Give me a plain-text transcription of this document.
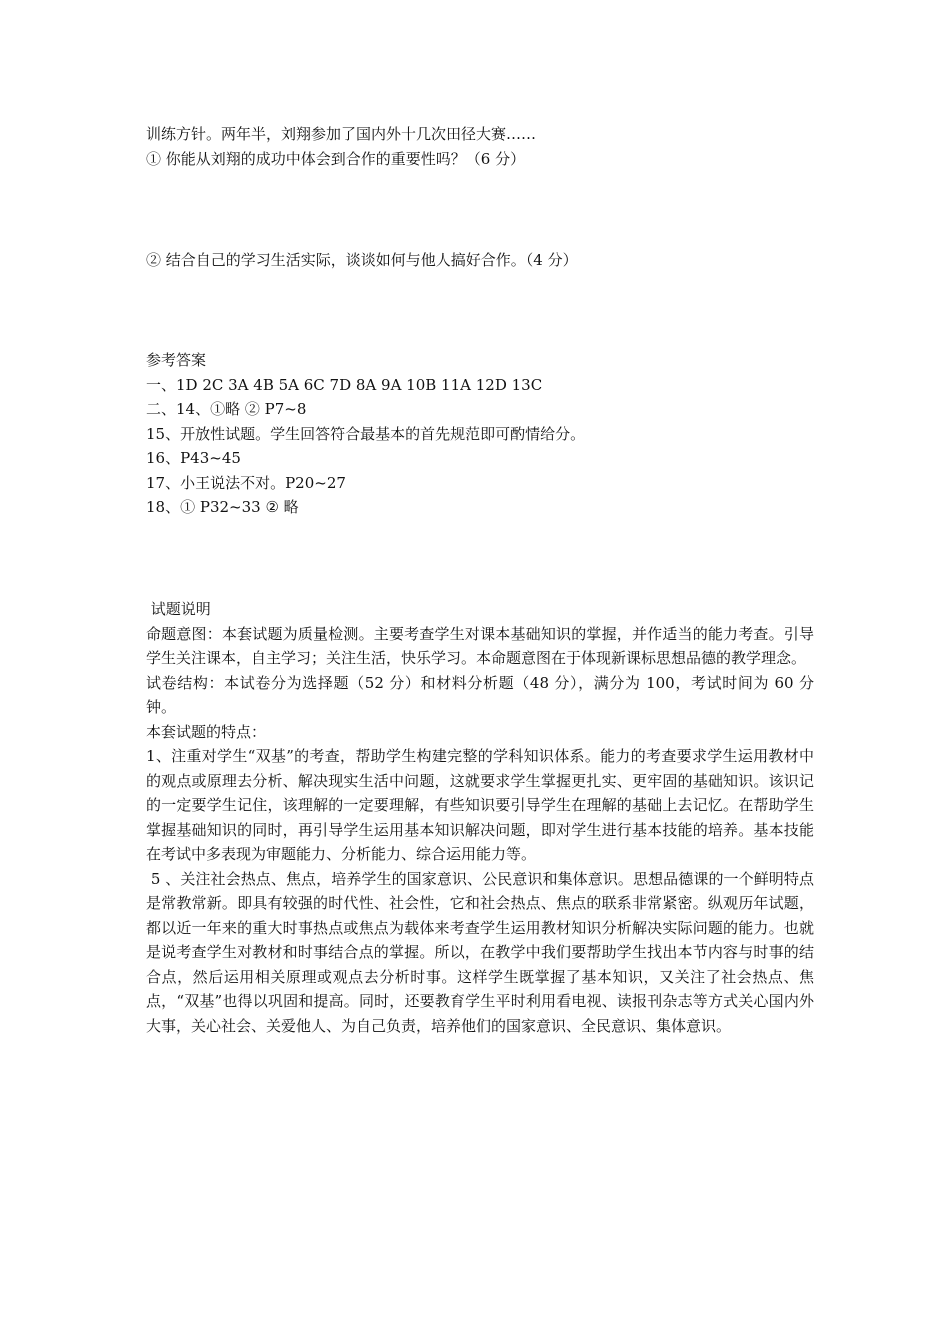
训练方针。两年半，刘翔参加了国内外十几次田径大赛……
① 你能从刘翔的成功中体会到合作的重要性吗？（6 分）
② 结合自己的学习生活实际，谈谈如何与他人搞好合作。（4 分）
参考答案
一、1D 2C 3A 4B 5A 6C 7D 8A 9A 10B 11A 12D 13C
二、14、①略 ② P7~8
15、开放性试题。学生回答符合最基本的首先规范即可酌情给分。
16、P43~45
17、小王说法不对。P20~27
18、① P32~33 ② 略
试题说明
命题意图：本套试题为质量检测。主要考查学生对课本基础知识的掌握，并作适当的能力考查。引导学生关注课本，自主学习；关注生活，快乐学习。本命题意图在于体现新课标思想品德的教学理念。
试卷结构：本试卷分为选择题（52 分）和材料分析题（48 分），满分为 100，考试时间为 60 分钟。
本套试题的特点：
1、注重对学生“双基”的考查，帮助学生构建完整的学科知识体系。能力的考查要求学生运用教材中的观点或原理去分析、解决现实生活中问题，这就要求学生掌握更扎实、更牢固的基础知识。该识记的一定要学生记住，该理解的一定要理解，有些知识要引导学生在理解的基础上去记忆。在帮助学生掌握基础知识的同时，再引导学生运用基本知识解决问题，即对学生进行基本技能的培养。基本技能在考试中多表现为审题能力、分析能力、综合运用能力等。
5 、关注社会热点、焦点，培养学生的国家意识、公民意识和集体意识。思想品德课的一个鲜明特点是常教常新。即具有较强的时代性、社会性，它和社会热点、焦点的联系非常紧密。纵观历年试题，都以近一年来的重大时事热点或焦点为载体来考查学生运用教材知识分析解决实际问题的能力。也就是说考查学生对教材和时事结合点的掌握。所以，在教学中我们要帮助学生找出本节内容与时事的结合点，然后运用相关原理或观点去分析时事。这样学生既掌握了基本知识，又关注了社会热点、焦点，“双基”也得以巩固和提高。同时，还要教育学生平时利用看电视、读报刊杂志等方式关心国内外大事，关心社会、关爱他人、为自己负责，培养他们的国家意识、全民意识、集体意识。
